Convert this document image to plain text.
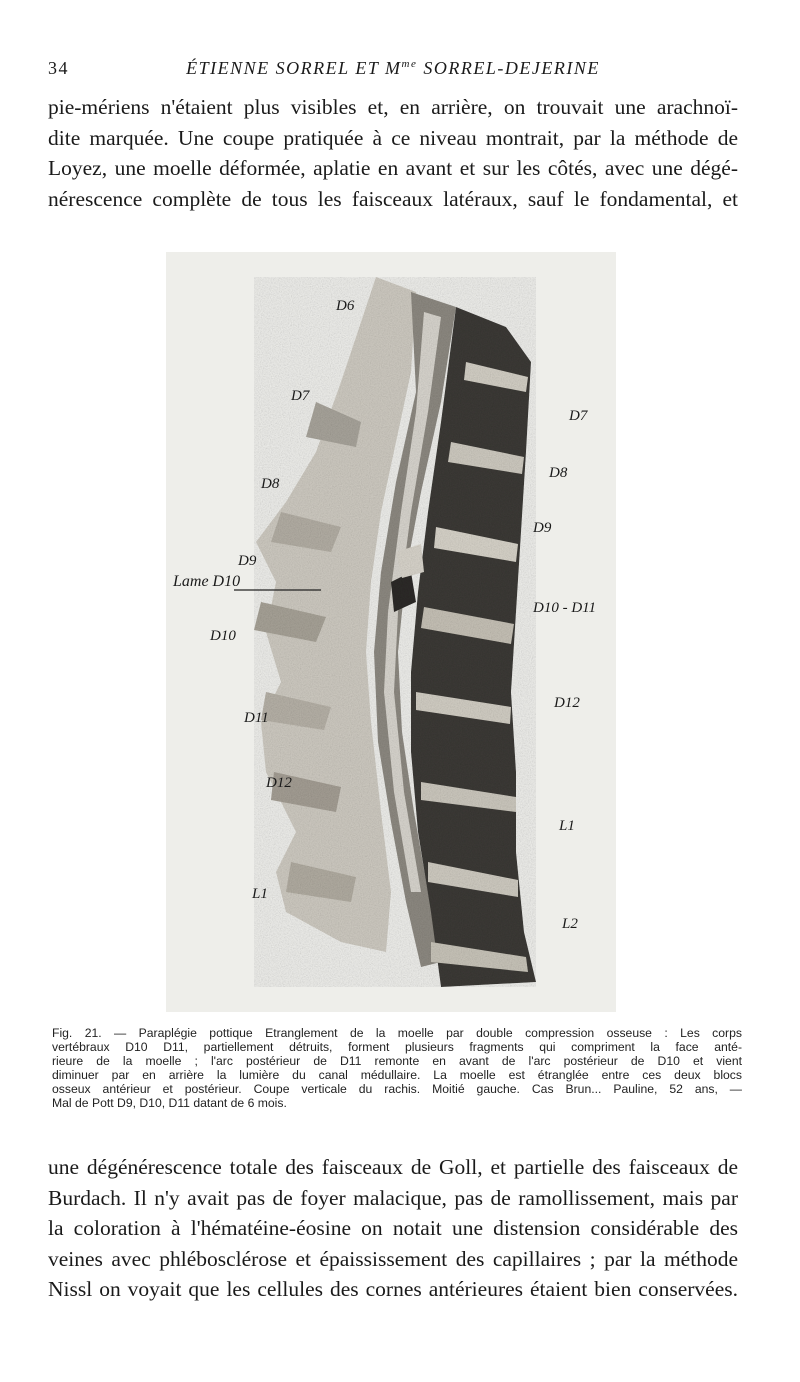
34	ÉTIENNE SORREL ET $M^{me}$ SORREL-DEJERINE
pie-mériens n'étaient plus visibles et, en arrière, on trouvait une arachnoï-
dite marquée. Une coupe pratiquée à ce niveau montrait, par la méthode de
Loyez, une moelle déformée, aplatie en avant et sur les côtés, avec une dégé-
nérescence complète de tous les faisceaux latéraux, sauf le fondamental, et
D6
D7
D8
D9
Lame D10
D10
D11
D12
L1
D7
D8
D9
D10 - D11
D12
L1
L2
Fig. 21. — Paraplégie pottique Etranglement de la moelle par double compression osseuse : Les corps
vertébraux D10 D11, partiellement détruits, forment plusieurs fragments qui compriment la face anté-
rieure de la moelle ; l'arc postérieur de D11 remonte en avant de l'arc postérieur de D10 et vient
diminuer par en arrière la lumière du canal médullaire. La moelle est étranglée entre ces deux blocs
osseux antérieur et postérieur. Coupe verticale du rachis. Moitié gauche. Cas Brun... Pauline, 52 ans, —
Mal de Pott D9, D10, D11 datant de 6 mois.
une dégénérescence totale des faisceaux de Goll, et partielle des faisceaux de
Burdach. Il n'y avait pas de foyer malacique, pas de ramollissement, mais par
la coloration à l'hématéine-éosine on notait une distension considérable des
veines avec phlébosclérose et épaississement des capillaires ; par la méthode
Nissl on voyait que les cellules des cornes antérieures étaient bien conservées.
